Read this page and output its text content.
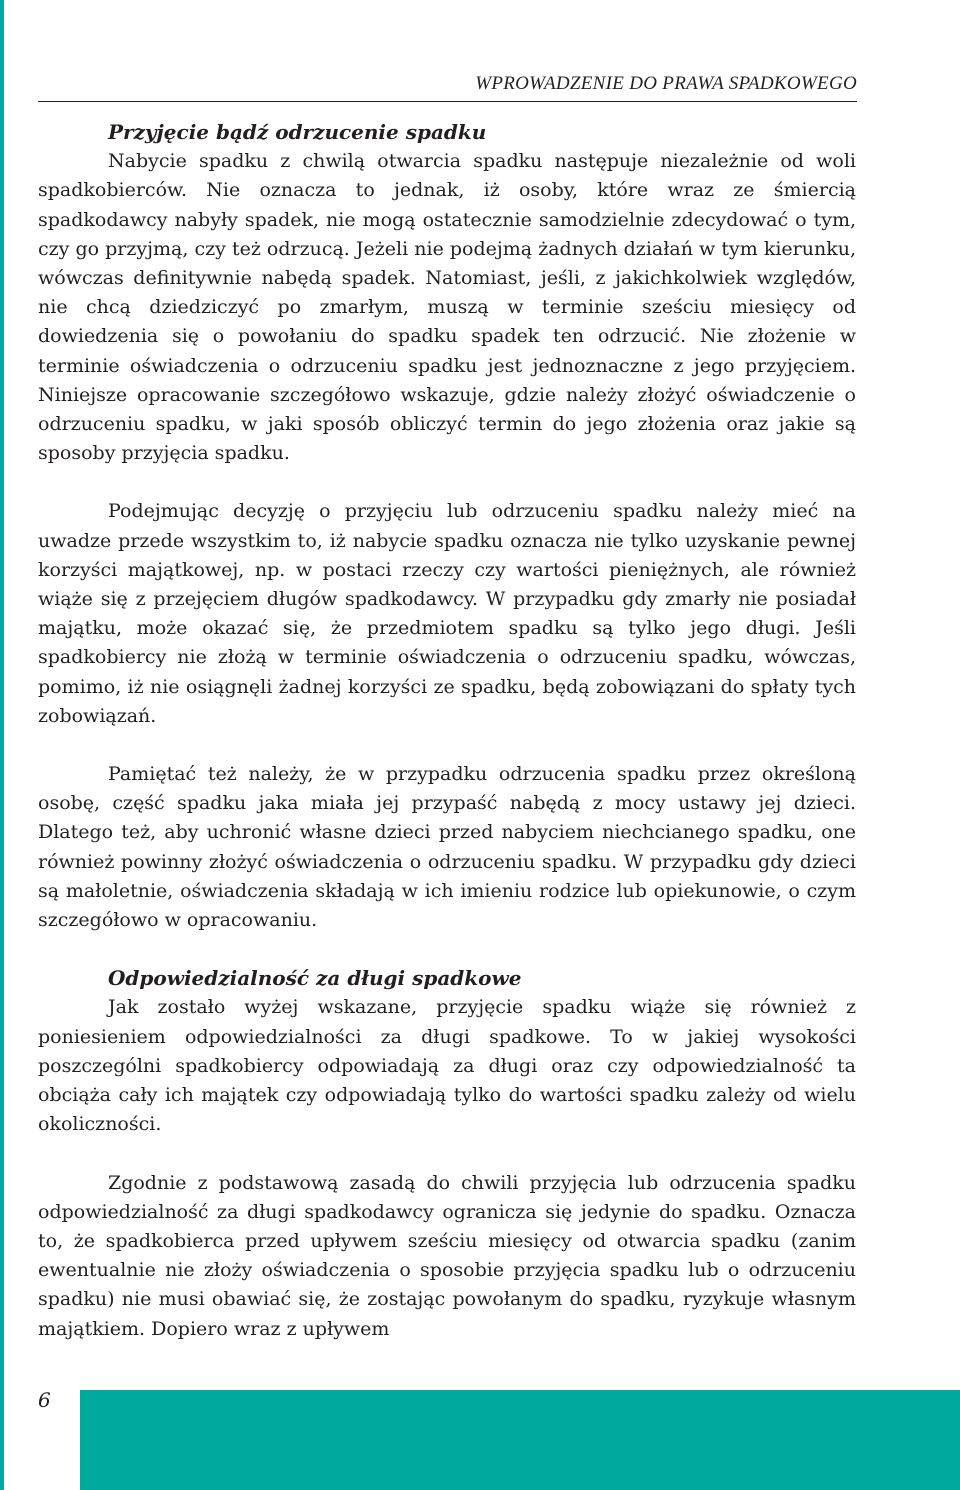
WPROWADZENIE DO PRAWA SPADKOWEGO
Przyjęcie bądź odrzucenie spadku

Nabycie spadku z chwilą otwarcia spadku następuje niezależnie od woli spadkobierców. Nie oznacza to jednak, iż osoby, które wraz ze śmiercią spadkodawcy nabyły spadek, nie mogą ostatecznie samodzielnie zdecydować o tym, czy go przyjmą, czy też odrzucą. Jeżeli nie podejmą żadnych działań w tym kierunku, wówczas definitywnie nabędą spadek. Natomiast, jeśli, z jakichkolwiek względów, nie chcą dziedziczyć po zmarłym, muszą w terminie sześciu miesięcy od dowiedzenia się o powołaniu do spadku spadek ten odrzucić. Nie złożenie w terminie oświadczenia o odrzuceniu spadku jest jednoznaczne z jego przyjęciem. Niniejsze opracowanie szczegółowo wskazuje, gdzie należy złożyć oświadczenie o odrzuceniu spadku, w jaki sposób obliczyć termin do jego złożenia oraz jakie są sposoby przyjęcia spadku.

Podejmując decyzję o przyjęciu lub odrzuceniu spadku należy mieć na uwadze przede wszystkim to, iż nabycie spadku oznacza nie tylko uzyskanie pewnej korzyści majątkowej, np. w postaci rzeczy czy wartości pieniężnych, ale również wiąże się z przejęciem długów spadkodawcy. W przypadku gdy zmarły nie posiadał majątku, może okazać się, że przedmiotem spadku są tylko jego długi. Jeśli spadkobiercy nie złożą w terminie oświadczenia o odrzuceniu spadku, wówczas, pomimo, iż nie osiągnęli żadnej korzyści ze spadku, będą zobowiązani do spłaty tych zobowiązań.

Pamiętać też należy, że w przypadku odrzucenia spadku przez określoną osobę, część spadku jaka miała jej przypaść nabędą z mocy ustawy jej dzieci. Dlatego też, aby uchronić własne dzieci przed nabyciem niechcianego spadku, one również powinny złożyć oświadczenia o odrzuceniu spadku. W przypadku gdy dzieci są małoletnie, oświadczenia składają w ich imieniu rodzice lub opiekunowie, o czym szczegółowo w opracowaniu.

Odpowiedzialność za długi spadkowe

Jak zostało wyżej wskazane, przyjęcie spadku wiąże się również z poniesieniem odpowiedzialności za długi spadkowe. To w jakiej wysokości poszczególni spadkobiercy odpowiadają za długi oraz czy odpowiedzialność ta obciąża cały ich majątek czy odpowiadają tylko do wartości spadku zależy od wielu okoliczności.

Zgodnie z podstawową zasadą do chwili przyjęcia lub odrzucenia spadku odpowiedzialność za długi spadkodawcy ogranicza się jedynie do spadku. Oznacza to, że spadkobierca przed upływem sześciu miesięcy od otwarcia spadku (zanim ewentualnie nie złoży oświadczenia o sposobie przyjęcia spadku lub o odrzuceniu spadku) nie musi obawiać się, że zostając powołanym do spadku, ryzykuje własnym majątkiem. Dopiero wraz z upływem

6
